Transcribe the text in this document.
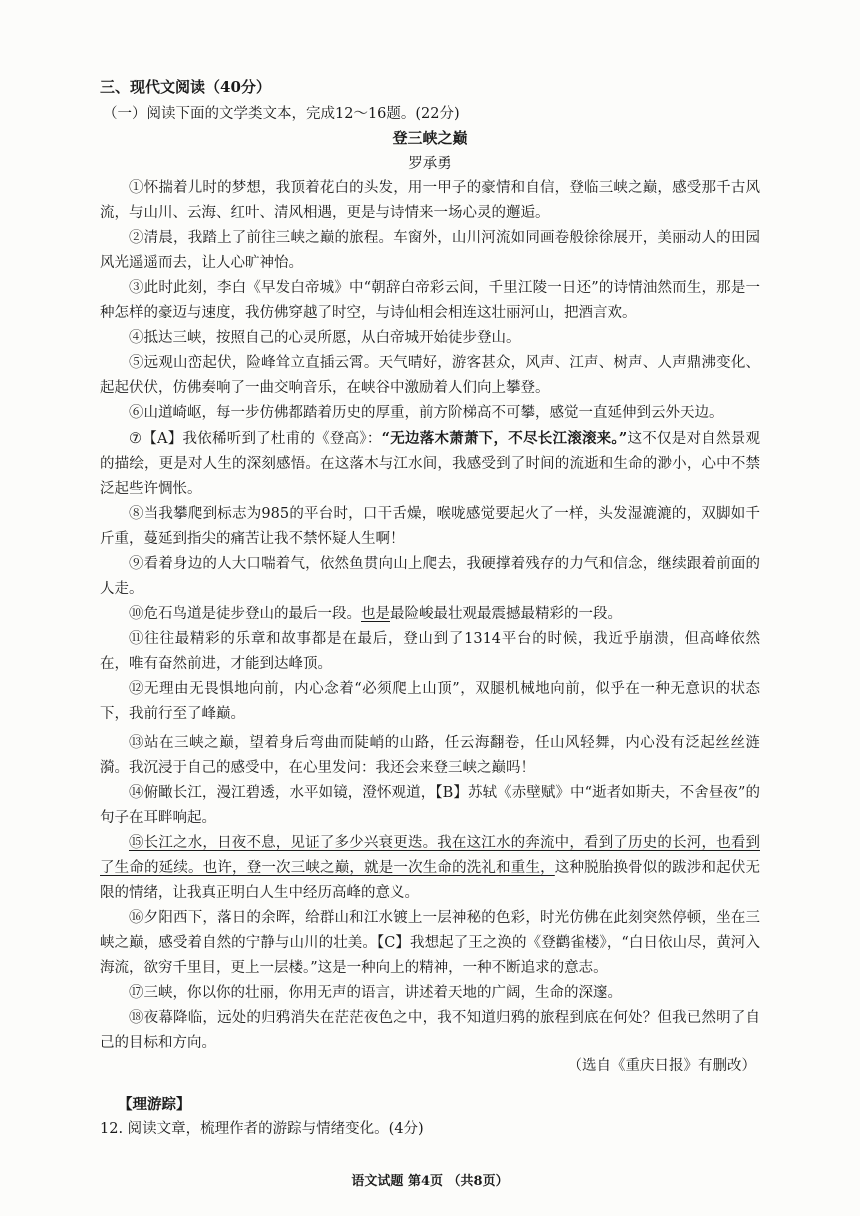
三、现代文阅读（40分）
（一）阅读下面的文学类文本，完成12～16题。(22分)
登三峡之巅
罗承勇

①怀揣着儿时的梦想，我顶着花白的头发，用一甲子的豪情和自信，登临三峡之巅，感受那千古风流，与山川、云海、红叶、清风相遇，更是与诗情来一场心灵的邂逅。

②清晨，我踏上了前往三峡之巅的旅程。车窗外，山川河流如同画卷般徐徐展开，美丽动人的田园风光遥遥而去，让人心旷神怡。

③此时此刻，李白《早发白帝城》中“朝辞白帝彩云间，千里江陵一日还”的诗情油然而生，那是一种怎样的豪迈与速度，我仿佛穿越了时空，与诗仙相会相连这壮丽河山，把酒言欢。

④抵达三峡，按照自己的心灵所愿，从白帝城开始徒步登山。

⑤远观山峦起伏，险峰耸立直插云霄。天气晴好，游客甚众，风声、江声、树声、人声鼎沸变化、起起伏伏，仿佛奏响了一曲交响音乐，在峡谷中激励着人们向上攀登。

⑥山道崎岖，每一步仿佛都踏着历史的厚重，前方阶梯高不可攀，感觉一直延伸到云外天边。

⑦【A】我依稀听到了杜甫的《登高》：“无边落木萧萧下，不尽长江滚滚来。”这不仅是对自然景观的描绘，更是对人生的深刻感悟。在这落木与江水间，我感受到了时间的流逝和生命的渺小，心中不禁泛起些许惆怅。

⑧当我攀爬到标志为985的平台时，口干舌燥，喉咙感觉要起火了一样，头发湿漉漉的，双脚如千斤重，蔓延到指尖的痛苦让我不禁怀疑人生啊！

⑨看着身边的人大口喘着气，依然鱼贯向山上爬去，我硬撑着残存的力气和信念，继续跟着前面的人走。

⑩危石鸟道是徒步登山的最后一段。也是最险峻最壮观最震撼最精彩的一段。

⑪往往最精彩的乐章和故事都是在最后，登山到了1314平台的时候，我近乎崩溃，但高峰依然在，唯有奋然前进，才能到达峰顶。

⑫无理由无畏惧地向前，内心念着“必须爬上山顶”，双腿机械地向前，似乎在一种无意识的状态下，我前行至了峰巅。

⑬站在三峡之巅，望着身后弯曲而陡峭的山路，任云海翻卷，任山风轻舞，内心没有泛起丝丝涟漪。我沉浸于自己的感受中，在心里发问：我还会来登三峡之巅吗！

⑭俯瞰长江，漫江碧透，水平如镜，澄怀观道，【B】苏轼《赤壁赋》中“逝者如斯夫，不舍昼夜”的句子在耳畔响起。

⑮长江之水，日夜不息，见证了多少兴衰更迭。我在这江水的奔流中，看到了历史的长河，也看到了生命的延续。也许，登一次三峡之巅，就是一次生命的洗礼和重生，这种脱胎换骨似的跋涉和起伏无限的情绪，让我真正明白人生中经历高峰的意义。

⑯夕阳西下，落日的余晖，给群山和江水镀上一层神秘的色彩，时光仿佛在此刻突然停顿，坐在三峡之巅，感受着自然的宁静与山川的壮美。【C】我想起了王之涣的《登鹳雀楼》，“白日依山尽，黄河入海流，欲穷千里目，更上一层楼。”这是一种向上的精神，一种不断追求的意志。

⑰三峡，你以你的壮丽，你用无声的语言，讲述着天地的广阔，生命的深邃。

⑱夜幕降临，远处的归鸦消失在茫茫夜色之中，我不知道归鸦的旅程到底在何处？但我已然明了自己的目标和方向。

（选自《重庆日报》有删改）
【理游踪】
12. 阅读文章，梳理作者的游踪与情绪变化。(4分)
语文试题 第4页 （共8页）
